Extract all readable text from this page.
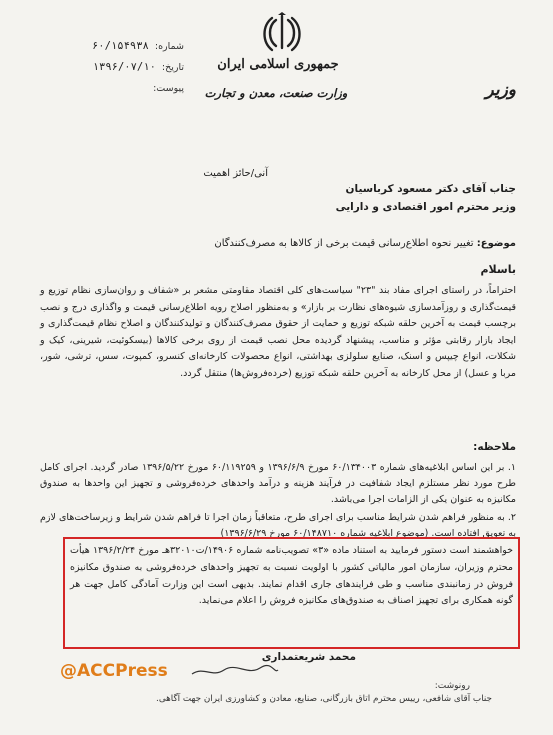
شماره:
۶۰/۱۵۴۹۳۸
تاریخ:
۱۳۹۶/۰۷/۱۰
پیوست:
جمهوری اسلامی ایران
وزارت صنعت، معدن و تجارت	وزیر
آنی/حائز اهمیت
جناب آقای دکتر مسعود کرباسیان
وزیر محترم امور اقتصادی و دارایی
موضوع: تغییر نحوه اطلاع‌رسانی قیمت برخی از کالاها به مصرف‌کنندگان
باسلام
احتراماً، در راستای اجرای مفاد بند "۲۳" سیاست‌های کلی اقتصاد مقاومتی مشعر بر «شفاف و روان‌سازی نظام توزیع و قیمت‌گذاری و روزآمدسازی شیوه‌های نظارت بر بازار» و به‌منظور اصلاح رویه اطلاع‌رسانی قیمت و واگذاری درج و نصب برچسب قیمت به آخرین حلقه شبکه توزیع و حمایت از حقوق مصرف‌کنندگان و تولیدکنندگان و اصلاح نظام قیمت‌گذاری و ایجاد بازار رقابتی مؤثر و مناسب، پیشنهاد گردیده محل نصب قیمت از روی برخی کالاها (بیسکوئیت، شیرینی، کیک و شکلات، انواع چیپس و اسنک، صنایع سلولزی بهداشتی، انواع محصولات کارخانه‌ای کنسرو، کمپوت، سس، ترشی، شور، مربا و عسل) از محل کارخانه به آخرین حلقه شبکه توزیع (خرده‌فروش‌ها) منتقل گردد.
ملاحظه:
۱. بر این اساس ابلاغیه‌های شماره ۶۰/۱۳۴۰۰۳ مورخ ۱۳۹۶/۶/۹ و ۶۰/۱۱۹۲۵۹ مورخ ۱۳۹۶/۵/۲۲ صادر گردید. اجرای کامل طرح مورد نظر مستلزم ایجاد شفافیت در فرآیند هزینه و درآمد واحدهای خرده‌فروشی و تجهیز این واحدها به صندوق مکانیزه به عنوان یکی از الزامات اجرا می‌باشد.
۲. به منظور فراهم شدن شرایط مناسب برای اجرای طرح، متعاقباً زمان اجرا تا فراهم شدن شرایط و زیرساخت‌های لازم به تعویق افتاده است. (موضوع ابلاغیه شماره ۶۰/۱۴۸۷۱۰ مورخ ۱۳۹۶/۶/۲۹)
خواهشمند است دستور فرمایید به استناد ماده «۳» تصویب‌نامه شماره ۱۴۹۰۶/ت۳۲۰۱۰هـ مورخ ۱۳۹۶/۲/۲۴ هیأت محترم وزیران، سازمان امور مالیاتی کشور با اولویت نسبت به تجهیز واحدهای خرده‌فروشی به صندوق مکانیزه فروش در زمانبندی مناسب و طی فرایندهای جاری اقدام نمایند. بدیهی است این وزارت آمادگی کامل جهت هر گونه همکاری برای تجهیز اصناف به صندوق‌های مکانیزه فروش را اعلام می‌نماید.
محمد شریعتمداری
@ACCPress
رونوشت:
جناب آقای شافعی، رییس محترم اتاق بازرگانی، صنایع، معادن و کشاورزی ایران جهت آگاهی.
